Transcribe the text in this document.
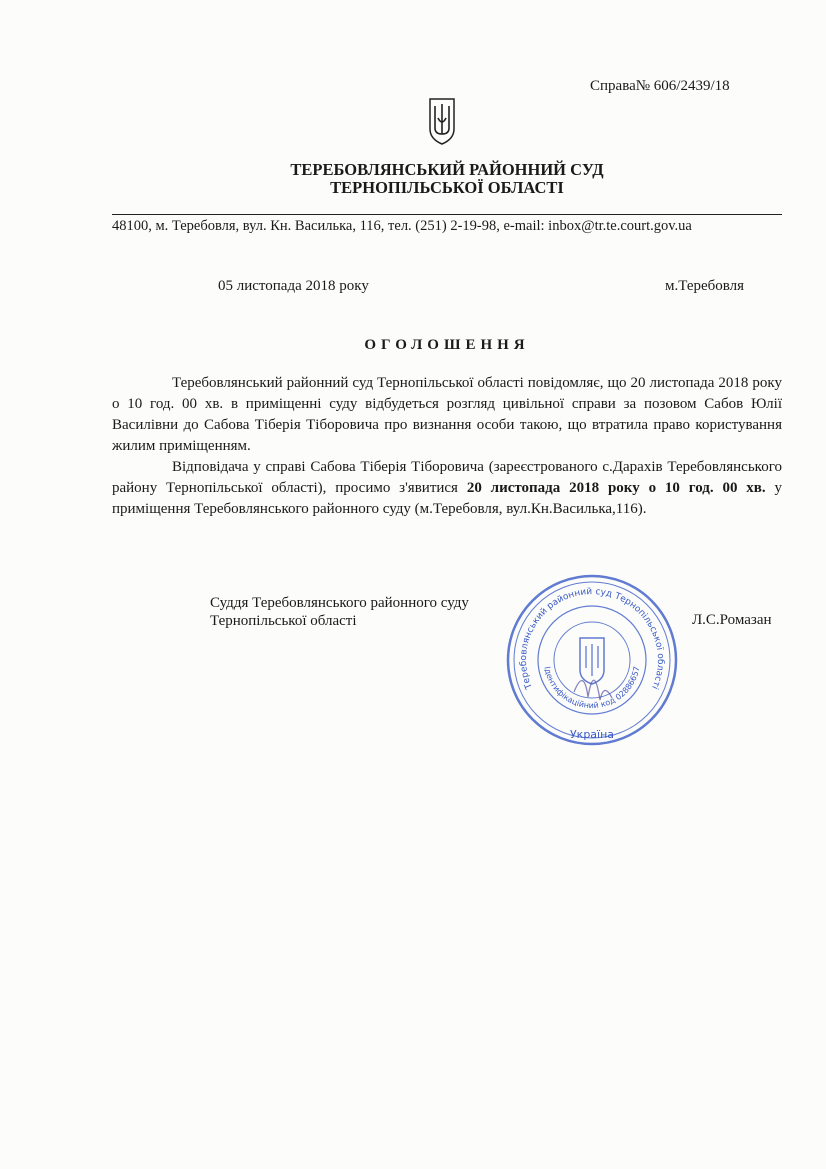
Справа№ 606/2439/18
ТЕРЕБОВЛЯНСЬКИЙ РАЙОННИЙ СУД
ТЕРНОПІЛЬСЬКОЇ ОБЛАСТІ
48100, м. Теребовля, вул. Кн. Василька, 116, тел. (251) 2-19-98, e-mail: inbox@tr.te.court.gov.ua
05 листопада 2018 року	м.Теребовля
ОГОЛОШЕННЯ

Теребовлянський районний суд Тернопільської області повідомляє, що 20 листопада 2018 року о 10 год. 00 хв. в приміщенні суду відбудеться розгляд цивільної справи за позовом Сабов Юлії Василівни до Сабова Тіберія Тіборовича про визнання особи такою, що втратила право користування жилим приміщенням.

Відповідача у справі Сабова Тіберія Тіборовича (зареєстрованого с.Дарахів Теребовлянського району Тернопільської області), просимо з'явитися 20 листопада 2018 року о 10 год. 00 хв. у приміщення Теребовлянського районного суду (м.Теребовля, вул.Кн.Василька,116).

Суддя Теребовлянського районного суду
Тернопільської області	Л.С.Ромазан
Теребовлянський районний суд Тернопільської області
Ідентифікаційний код 02886657
Україна
